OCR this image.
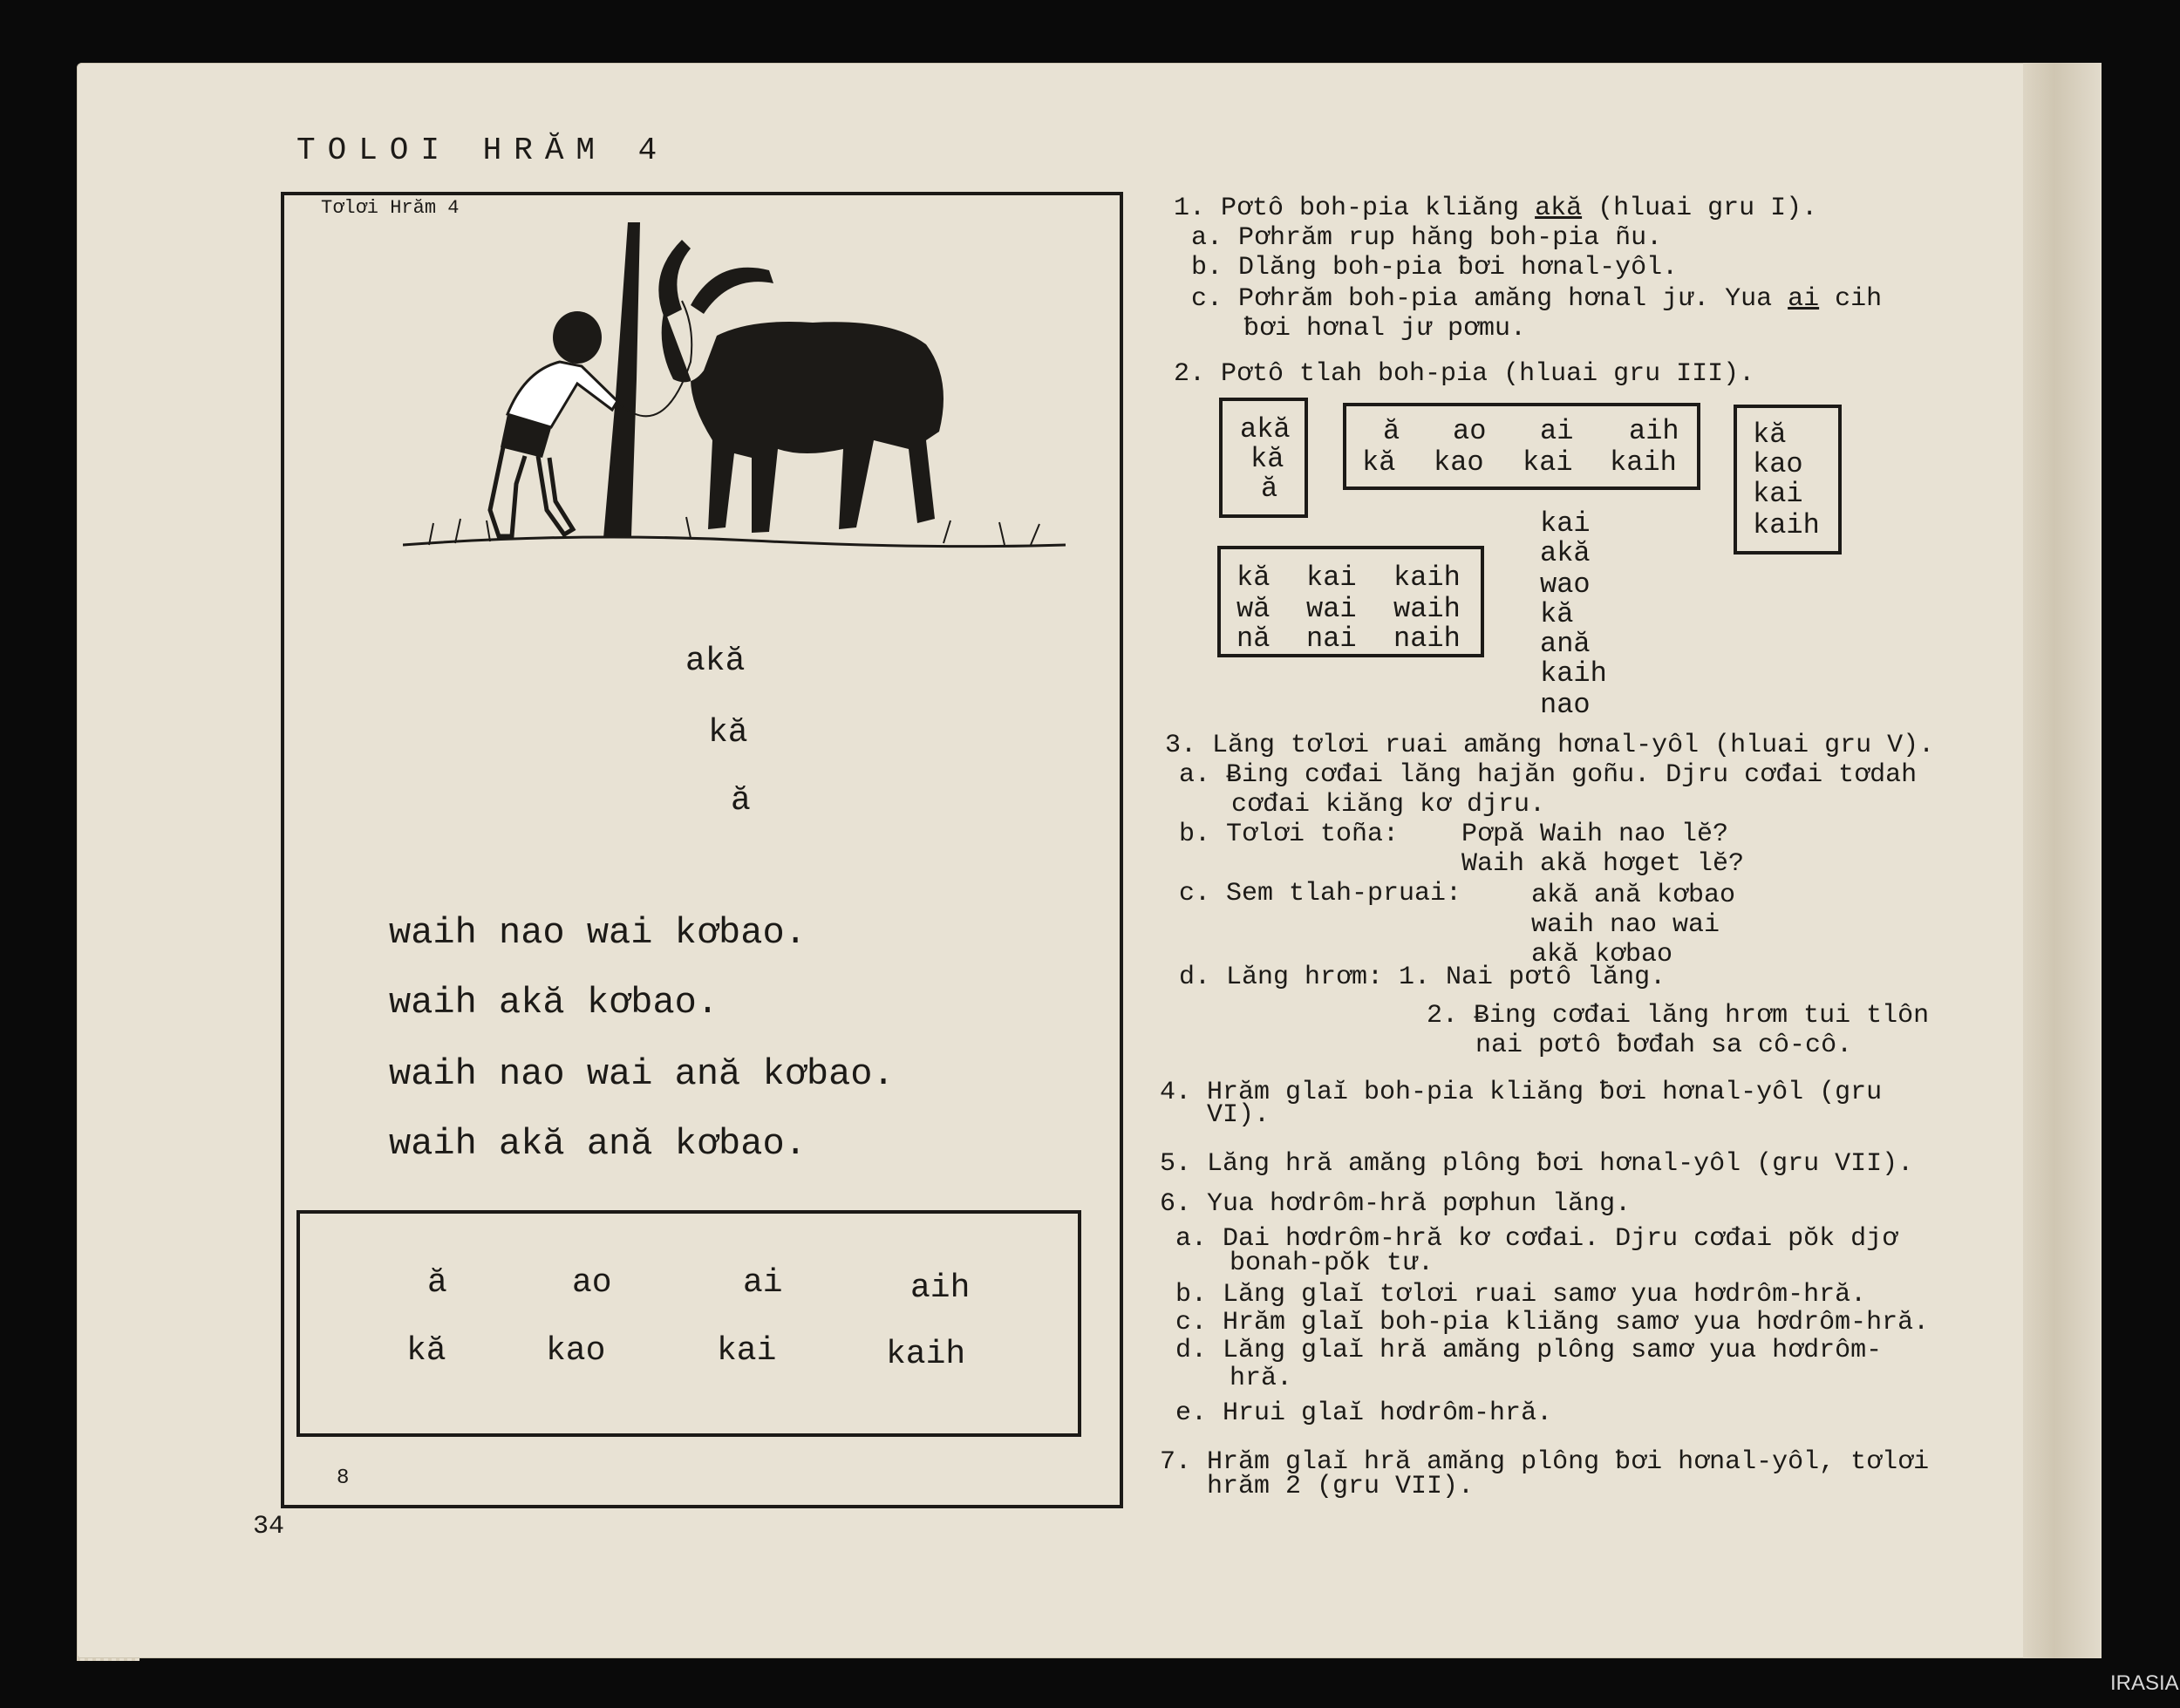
TOLOI HRĂM 4
Tơlơi Hrăm 4
akă
kă
ă
waih nao wai kơbao.
waih akă kơbao.
waih nao wai ană kơbao.
waih akă ană kơbao.
ă	ao	ai	aih
kă	kao	kai	kaih
8
34
1. Pơtô boh-pia kliăng akă (hluai gru I).
a. Pơhrăm rup hăng boh-pia ñu.
b. Dlăng boh-pia ƀơi hơnal-yôl.
c. Pơhrăm boh-pia amăng hơnal jư. Yua ai cih
ƀơi hơnal jư pơmu.
2. Pơtô tlah boh-pia (hluai gru III).
akă
kă
ă
ă ao ai aih
kă kao kai kaih
kă
kao
kai
kaih
kă kai kaih
wă wai waih
nă nai naih
kai
akă
wao
kă
ană
kaih
nao
3. Lăng tơlơi ruai amăng hơnal-yôl (hluai gru V).
a. Ƀing cơđai lăng hajăn goñu. Djru cơđai tơdah
cơđai kiăng kơ djru.
b. Tơlơi toña: Pơpă Waih nao lĕ?
Waih akă hơget lĕ?
c. Sem tlah-pruai:	akă ană kơbao
waih nao wai
akă kơbao
d. Lăng hrơm: 1. Nai pơtô lăng.
2. Ƀing cơđai lăng hrơm tui tlôn
nai pơtô ƀơđah sa cô-cô.
4. Hrăm glaĭ boh-pia kliăng ƀơi hơnal-yôl (gru
VI).
5. Lăng hră amăng plông ƀơi hơnal-yôl (gru VII).
6. Yua hơdrôm-hră pơphun lăng.
a. Dai hơdrôm-hră kơ cơđai. Djru cơđai pŏk djơ
bonah-pŏk tư.
b. Lăng glaĭ tơlơi ruai samơ yua hơdrôm-hră.
c. Hrăm glaĭ boh-pia kliăng samơ yua hơdrôm-hră.
d. Lăng glaĭ hră amăng plông samơ yua hơdrôm-
hră.
e. Hrui glaĭ hơdrôm-hră.
7. Hrăm glaĭ hră amăng plông ƀơi hơnal-yôl, tơlơi
hrăm 2 (gru VII).
IRASIA
